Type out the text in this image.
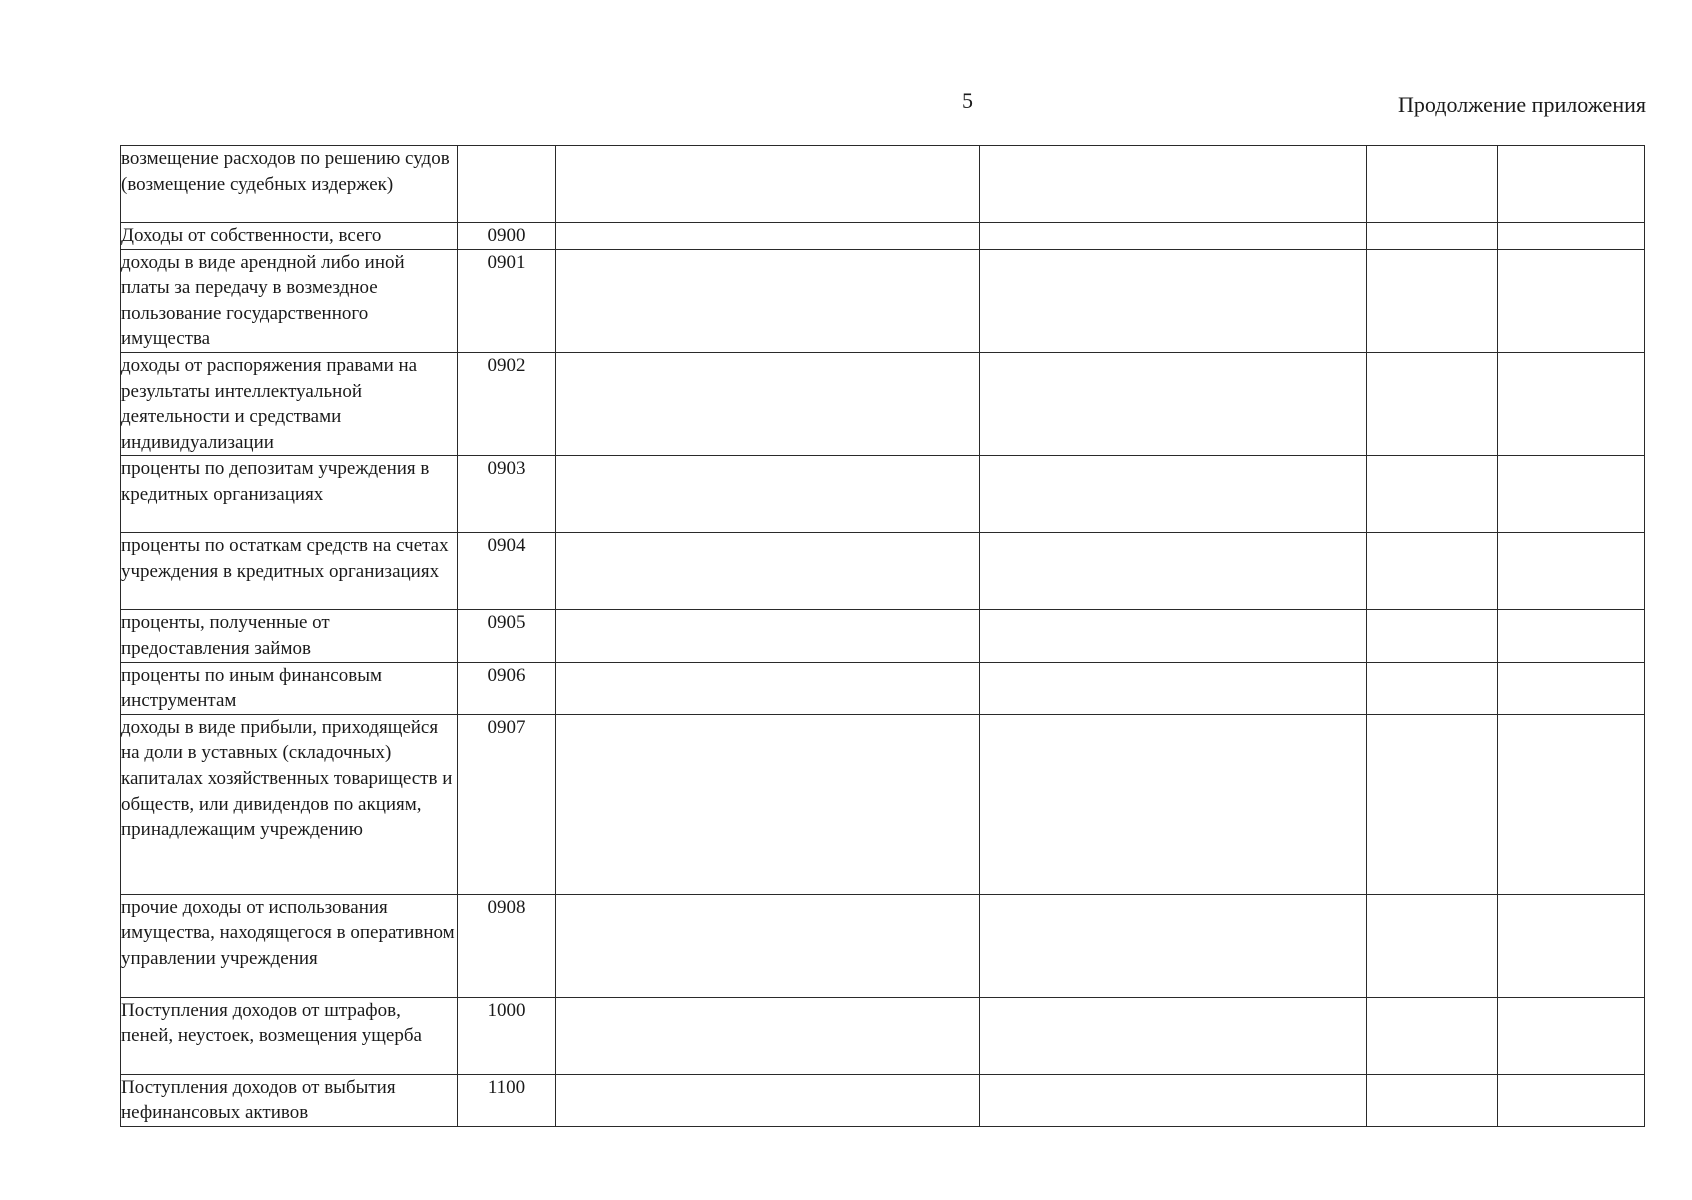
5	Продолжение приложения
возмещение расходов по решению судов (возмещение судебных издержек)					
Доходы от собственности, всего	0900				
доходы в виде арендной либо иной платы за передачу в возмездное пользование государственного имущества	0901				
доходы от распоряжения правами на результаты интеллектуальной деятельности и средствами индивидуализации	0902				
проценты по депозитам учреждения в кредитных организациях	0903				
проценты по остаткам средств на счетах учреждения в кредитных организациях	0904				
проценты, полученные от предоставления займов	0905				
проценты по иным финансовым инструментам	0906				
доходы в виде прибыли, приходящейся на доли в уставных (складочных) капиталах хозяйственных товариществ и обществ, или дивидендов по акциям, принадлежащим учреждению	0907				
прочие доходы от использования имущества, находящегося в оперативном управлении учреждения	0908				
Поступления доходов от штрафов, пеней, неустоек, возмещения ущерба	1000				
Поступления доходов от выбытия нефинансовых активов	1100				
